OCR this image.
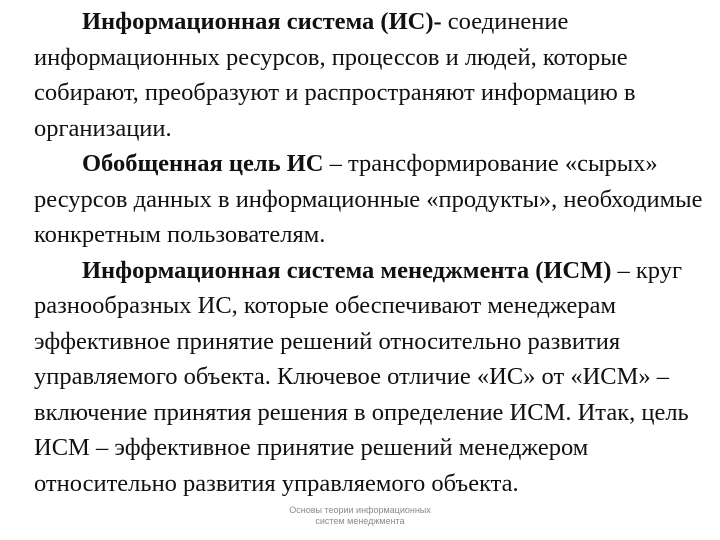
Информационная система (ИС)- соединение информационных ресурсов, процессов и людей, которые собирают, преобразуют и распространяют информацию в организации.

Обобщенная цель ИС – трансформирование «сырых» ресурсов данных в информационные «продукты», необходимые конкретным пользователям.

Информационная система менеджмента (ИСМ) – круг разнообразных ИС, которые обеспечивают менеджерам эффективное принятие решений относительно развития управляемого объекта. Ключевое отличие «ИС» от «ИСМ» – включение принятия решения в определение ИСМ. Итак, цель ИСМ – эффективное принятие решений менеджером относительно развития управляемого объекта.

Основы теории информационных
систем менеджмента
